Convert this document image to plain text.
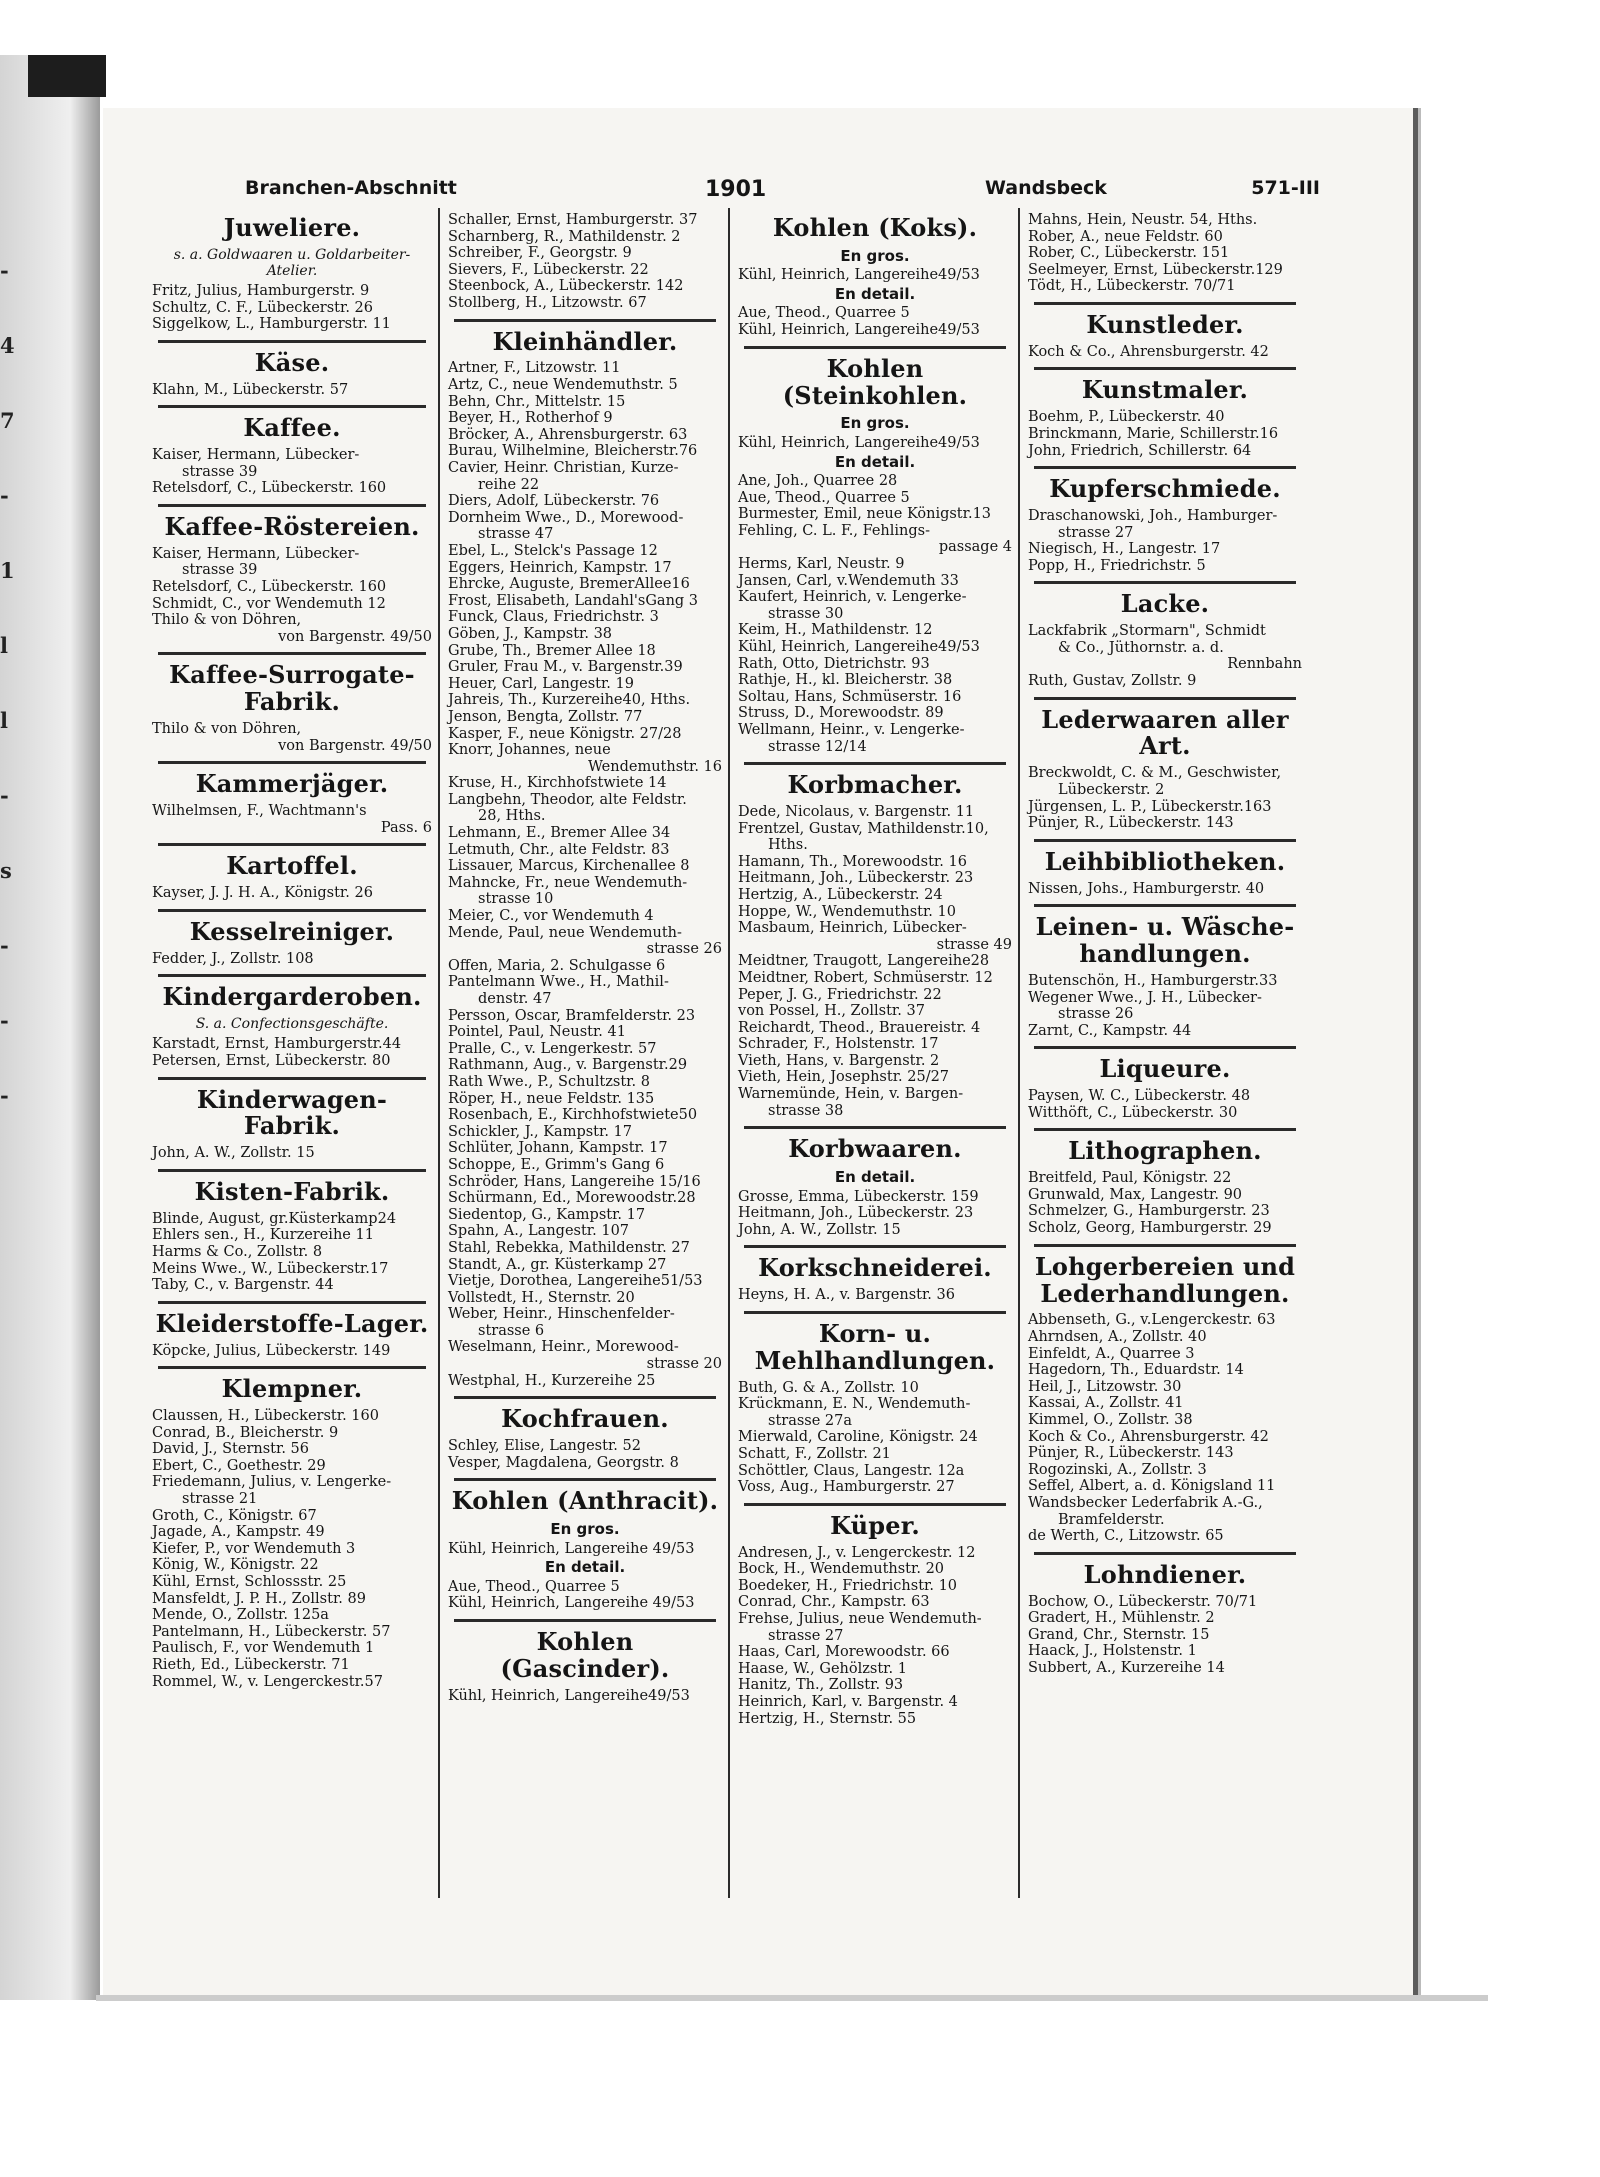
-
4
7
-
1
l
l
-
s
-
-
-
Branchen-Abschnitt	1901	Wandsbeck	571-III
Juweliere.
s. a. Goldwaaren u. Goldarbeiter-Atelier.
Fritz, Julius, Hamburgerstr. 9
Schultz, C. F., Lübeckerstr. 26
Siggelkow, L., Hamburgerstr. 11
Käse.
Klahn, M., Lübeckerstr. 57
Kaffee.
Kaiser, Hermann, Lübecker-
strasse 39
Retelsdorf, C., Lübeckerstr. 160
Kaffee-Röstereien.
Kaiser, Hermann, Lübecker-
strasse 39
Retelsdorf, C., Lübeckerstr. 160
Schmidt, C., vor Wendemuth 12
Thilo & von Döhren,
von Bargenstr. 49/50
Kaffee-Surrogate-Fabrik.
Thilo & von Döhren,
von Bargenstr. 49/50
Kammerjäger.
Wilhelmsen, F., Wachtmann's
Pass. 6
Kartoffel.
Kayser, J. J. H. A., Königstr. 26
Kesselreiniger.
Fedder, J., Zollstr. 108
Kindergarderoben.
S. a. Confectionsgeschäfte.
Karstadt, Ernst, Hamburgerstr.44
Petersen, Ernst, Lübeckerstr. 80
Kinderwagen-Fabrik.
John, A. W., Zollstr. 15
Kisten-Fabrik.
Blinde, August, gr.Küsterkamp24
Ehlers sen., H., Kurzereihe 11
Harms & Co., Zollstr. 8
Meins Wwe., W., Lübeckerstr.17
Taby, C., v. Bargenstr. 44
Kleiderstoffe-Lager.
Köpcke, Julius, Lübeckerstr. 149
Klempner.
Claussen, H., Lübeckerstr. 160
Conrad, B., Bleicherstr. 9
David, J., Sternstr. 56
Ebert, C., Goethestr. 29
Friedemann, Julius, v. Lengerke-
strasse 21
Groth, C., Königstr. 67
Jagade, A., Kampstr. 49
Kiefer, P., vor Wendemuth 3
König, W., Königstr. 22
Kühl, Ernst, Schlossstr. 25
Mansfeldt, J. P. H., Zollstr. 89
Mende, O., Zollstr. 125a
Pantelmann, H., Lübeckerstr. 57
Paulisch, F., vor Wendemuth 1
Rieth, Ed., Lübeckerstr. 71
Rommel, W., v. Lengerckestr.57
Schaller, Ernst, Hamburgerstr. 37
Scharnberg, R., Mathildenstr. 2
Schreiber, F., Georgstr. 9
Sievers, F., Lübeckerstr. 22
Steenbock, A., Lübeckerstr. 142
Stollberg, H., Litzowstr. 67
Kleinhändler.
Artner, F., Litzowstr. 11
Artz, C., neue Wendemuthstr. 5
Behn, Chr., Mittelstr. 15
Beyer, H., Rotherhof 9
Bröcker, A., Ahrensburgerstr. 63
Burau, Wilhelmine, Bleicherstr.76
Cavier, Heinr. Christian, Kurze-
reihe 22
Diers, Adolf, Lübeckerstr. 76
Dornheim Wwe., D., Morewood-
strasse 47
Ebel, L., Stelck's Passage 12
Eggers, Heinrich, Kampstr. 17
Ehrcke, Auguste, BremerAllee16
Frost, Elisabeth, Landahl'sGang 3
Funck, Claus, Friedrichstr. 3
Göben, J., Kampstr. 38
Grube, Th., Bremer Allee 18
Gruler, Frau M., v. Bargenstr.39
Heuer, Carl, Langestr. 19
Jahreis, Th., Kurzereihe40, Hths.
Jenson, Bengta, Zollstr. 77
Kasper, F., neue Königstr. 27/28
Knorr, Johannes, neue
Wendemuthstr. 16
Kruse, H., Kirchhofstwiete 14
Langbehn, Theodor, alte Feldstr.
28, Hths.
Lehmann, E., Bremer Allee 34
Letmuth, Chr., alte Feldstr. 83
Lissauer, Marcus, Kirchenallee 8
Mahncke, Fr., neue Wendemuth-
strasse 10
Meier, C., vor Wendemuth 4
Mende, Paul, neue Wendemuth-
strasse 26
Offen, Maria, 2. Schulgasse 6
Pantelmann Wwe., H., Mathil-
denstr. 47
Persson, Oscar, Bramfelderstr. 23
Pointel, Paul, Neustr. 41
Pralle, C., v. Lengerkestr. 57
Rathmann, Aug., v. Bargenstr.29
Rath Wwe., P., Schultzstr. 8
Röper, H., neue Feldstr. 135
Rosenbach, E., Kirchhofstwiete50
Schickler, J., Kampstr. 17
Schlüter, Johann, Kampstr. 17
Schoppe, E., Grimm's Gang 6
Schröder, Hans, Langereihe 15/16
Schürmann, Ed., Morewoodstr.28
Siedentop, G., Kampstr. 17
Spahn, A., Langestr. 107
Stahl, Rebekka, Mathildenstr. 27
Standt, A., gr. Küsterkamp 27
Vietje, Dorothea, Langereihe51/53
Vollstedt, H., Sternstr. 20
Weber, Heinr., Hinschenfelder-
strasse 6
Weselmann, Heinr., Morewood-
strasse 20
Westphal, H., Kurzereihe 25
Kochfrauen.
Schley, Elise, Langestr. 52
Vesper, Magdalena, Georgstr. 8
Kohlen (Anthracit).
En gros.
Kühl, Heinrich, Langereihe 49/53
En detail.
Aue, Theod., Quarree 5
Kühl, Heinrich, Langereihe 49/53
Kohlen (Gascinder).
Kühl, Heinrich, Langereihe49/53
Kohlen (Koks).
En gros.
Kühl, Heinrich, Langereihe49/53
En detail.
Aue, Theod., Quarree 5
Kühl, Heinrich, Langereihe49/53
Kohlen (Steinkohlen.
En gros.
Kühl, Heinrich, Langereihe49/53
En detail.
Ane, Joh., Quarree 28
Aue, Theod., Quarree 5
Burmester, Emil, neue Königstr.13
Fehling, C. L. F., Fehlings-
passage 4
Herms, Karl, Neustr. 9
Jansen, Carl, v.Wendemuth 33
Kaufert, Heinrich, v. Lengerke-
strasse 30
Keim, H., Mathildenstr. 12
Kühl, Heinrich, Langereihe49/53
Rath, Otto, Dietrichstr. 93
Rathje, H., kl. Bleicherstr. 38
Soltau, Hans, Schmüserstr. 16
Struss, D., Morewoodstr. 89
Wellmann, Heinr., v. Lengerke-
strasse 12/14
Korbmacher.
Dede, Nicolaus, v. Bargenstr. 11
Frentzel, Gustav, Mathildenstr.10,
Hths.
Hamann, Th., Morewoodstr. 16
Heitmann, Joh., Lübeckerstr. 23
Hertzig, A., Lübeckerstr. 24
Hoppe, W., Wendemuthstr. 10
Masbaum, Heinrich, Lübecker-
strasse 49
Meidtner, Traugott, Langereihe28
Meidtner, Robert, Schmüserstr. 12
Peper, J. G., Friedrichstr. 22
von Possel, H., Zollstr. 37
Reichardt, Theod., Brauereistr. 4
Schrader, F., Holstenstr. 17
Vieth, Hans, v. Bargenstr. 2
Vieth, Hein, Josephstr. 25/27
Warnemünde, Hein, v. Bargen-
strasse 38
Korbwaaren.
En detail.
Grosse, Emma, Lübeckerstr. 159
Heitmann, Joh., Lübeckerstr. 23
John, A. W., Zollstr. 15
Korkschneiderei.
Heyns, H. A., v. Bargenstr. 36
Korn- u. Mehlhandlungen.
Buth, G. & A., Zollstr. 10
Krückmann, E. N., Wendemuth-
strasse 27a
Mierwald, Caroline, Königstr. 24
Schatt, F., Zollstr. 21
Schöttler, Claus, Langestr. 12a
Voss, Aug., Hamburgerstr. 27
Küper.
Andresen, J., v. Lengerckestr. 12
Bock, H., Wendemuthstr. 20
Boedeker, H., Friedrichstr. 10
Conrad, Chr., Kampstr. 63
Frehse, Julius, neue Wendemuth-
strasse 27
Haas, Carl, Morewoodstr. 66
Haase, W., Gehölzstr. 1
Hanitz, Th., Zollstr. 93
Heinrich, Karl, v. Bargenstr. 4
Hertzig, H., Sternstr. 55
Mahns, Hein, Neustr. 54, Hths.
Rober, A., neue Feldstr. 60
Rober, C., Lübeckerstr. 151
Seelmeyer, Ernst, Lübeckerstr.129
Tödt, H., Lübeckerstr. 70/71
Kunstleder.
Koch & Co., Ahrensburgerstr. 42
Kunstmaler.
Boehm, P., Lübeckerstr. 40
Brinckmann, Marie, Schillerstr.16
John, Friedrich, Schillerstr. 64
Kupferschmiede.
Draschanowski, Joh., Hamburger-
strasse 27
Niegisch, H., Langestr. 17
Popp, H., Friedrichstr. 5
Lacke.
Lackfabrik „Stormarn", Schmidt
& Co., Jüthornstr. a. d.
Rennbahn
Ruth, Gustav, Zollstr. 9
Lederwaaren aller Art.
Breckwoldt, C. & M., Geschwister,
Lübeckerstr. 2
Jürgensen, L. P., Lübeckerstr.163
Pünjer, R., Lübeckerstr. 143
Leihbibliotheken.
Nissen, Johs., Hamburgerstr. 40
Leinen- u. Wäsche-handlungen.
Butenschön, H., Hamburgerstr.33
Wegener Wwe., J. H., Lübecker-
strasse 26
Zarnt, C., Kampstr. 44
Liqueure.
Paysen, W. C., Lübeckerstr. 48
Witthöft, C., Lübeckerstr. 30
Lithographen.
Breitfeld, Paul, Königstr. 22
Grunwald, Max, Langestr. 90
Schmelzer, G., Hamburgerstr. 23
Scholz, Georg, Hamburgerstr. 29
Lohgerbereien und Lederhandlungen.
Abbenseth, G., v.Lengerckestr. 63
Ahrndsen, A., Zollstr. 40
Einfeldt, A., Quarree 3
Hagedorn, Th., Eduardstr. 14
Heil, J., Litzowstr. 30
Kassai, A., Zollstr. 41
Kimmel, O., Zollstr. 38
Koch & Co., Ahrensburgerstr. 42
Pünjer, R., Lübeckerstr. 143
Rogozinski, A., Zollstr. 3
Seffel, Albert, a. d. Königsland 11
Wandsbecker Lederfabrik A.-G.,
Bramfelderstr.
de Werth, C., Litzowstr. 65
Lohndiener.
Bochow, O., Lübeckerstr. 70/71
Gradert, H., Mühlenstr. 2
Grand, Chr., Sternstr. 15
Haack, J., Holstenstr. 1
Subbert, A., Kurzereihe 14
